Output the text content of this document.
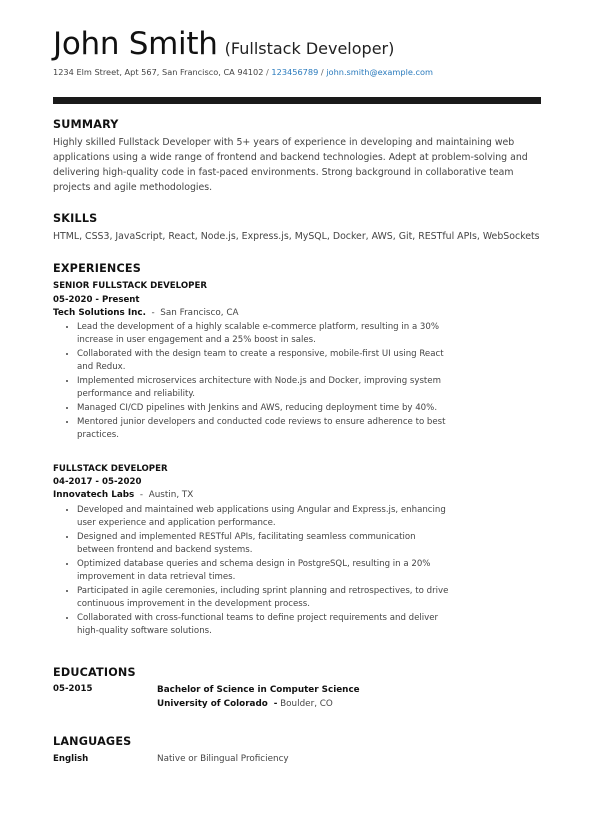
John Smith (Fullstack Developer)
1234 Elm Street, Apt 567, San Francisco, CA 94102 / 123456789 / john.smith@example.com
SUMMARY
Highly skilled Fullstack Developer with 5+ years of experience in developing and maintaining web applications using a wide range of frontend and backend technologies. Adept at problem-solving and delivering high-quality code in fast-paced environments. Strong background in collaborative team projects and agile methodologies.
SKILLS
HTML, CSS3, JavaScript, React, Node.js, Express.js, MySQL, Docker, AWS, Git, RESTful APIs, WebSockets
EXPERIENCES
SENIOR FULLSTACK DEVELOPER
05-2020 - Present
Tech Solutions Inc.  -  San Francisco, CA
• Lead the development of a highly scalable e-commerce platform, resulting in a 30% increase in user engagement and a 25% boost in sales.
• Collaborated with the design team to create a responsive, mobile-first UI using React and Redux.
• Implemented microservices architecture with Node.js and Docker, improving system performance and reliability.
• Managed CI/CD pipelines with Jenkins and AWS, reducing deployment time by 40%.
• Mentored junior developers and conducted code reviews to ensure adherence to best practices.
FULLSTACK DEVELOPER
04-2017 - 05-2020
Innovatech Labs  -  Austin, TX
• Developed and maintained web applications using Angular and Express.js, enhancing user experience and application performance.
• Designed and implemented RESTful APIs, facilitating seamless communication between frontend and backend systems.
• Optimized database queries and schema design in PostgreSQL, resulting in a 20% improvement in data retrieval times.
• Participated in agile ceremonies, including sprint planning and retrospectives, to drive continuous improvement in the development process.
• Collaborated with cross-functional teams to define project requirements and deliver high-quality software solutions.
EDUCATIONS
05-2015	Bachelor of Science in Computer Science
University of Colorado  - Boulder, CO
LANGUAGES
English	Native or Bilingual Proficiency
